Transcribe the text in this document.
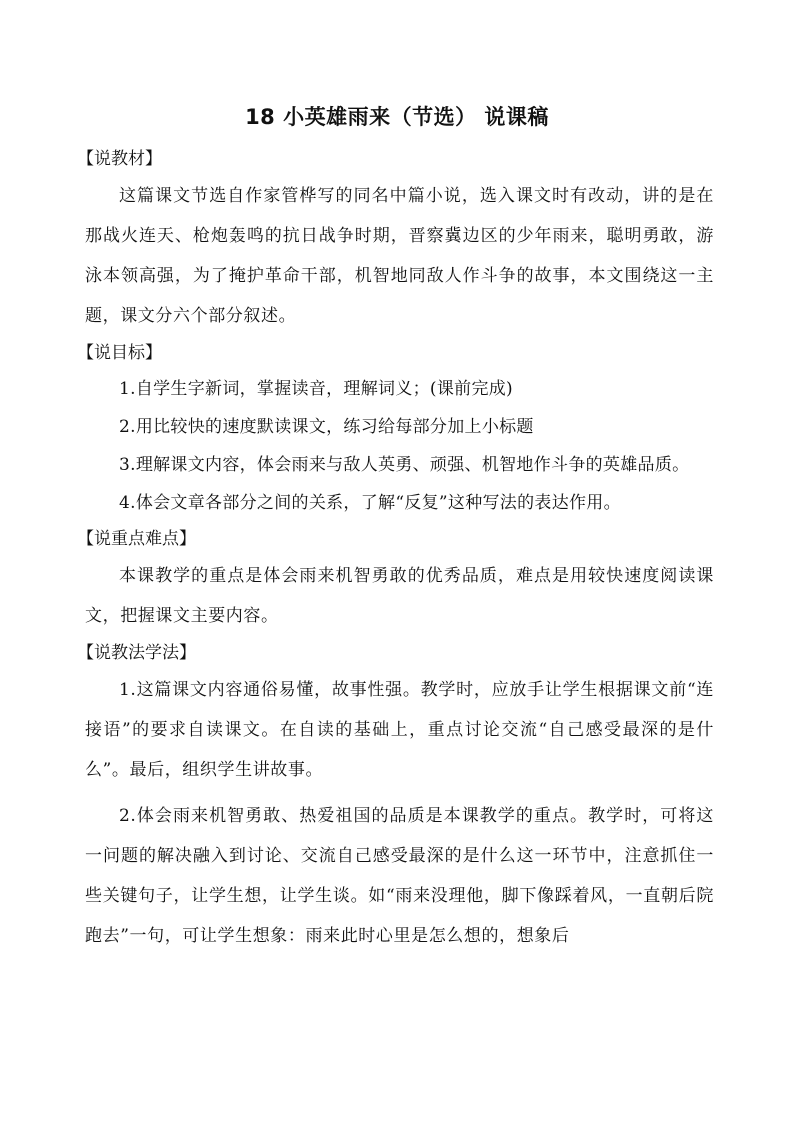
18 小英雄雨来（节选） 说课稿
【说教材】

这篇课文节选自作家管桦写的同名中篇小说，选入课文时有改动，讲的是在那战火连天、枪炮轰鸣的抗日战争时期，晋察冀边区的少年雨来，聪明勇敢，游泳本领高强，为了掩护革命干部，机智地同敌人作斗争的故事，本文围绕这一主题，课文分六个部分叙述。

【说目标】

1.自学生字新词，掌握读音，理解词义；(课前完成)

2.用比较快的速度默读课文，练习给每部分加上小标题

3.理解课文内容，体会雨来与敌人英勇、顽强、机智地作斗争的英雄品质。

4.体会文章各部分之间的关系，了解“反复”这种写法的表达作用。

【说重点难点】

本课教学的重点是体会雨来机智勇敢的优秀品质，难点是用较快速度阅读课文，把握课文主要内容。

【说教法学法】

1.这篇课文内容通俗易懂，故事性强。教学时，应放手让学生根据课文前“连接语”的要求自读课文。在自读的基础上，重点讨论交流“自己感受最深的是什么”。最后，组织学生讲故事。

2.体会雨来机智勇敢、热爱祖国的品质是本课教学的重点。教学时，可将这一问题的解决融入到讨论、交流自己感受最深的是什么这一环节中，注意抓住一些关键句子，让学生想，让学生谈。如“雨来没理他，脚下像踩着风，一直朝后院跑去”一句，可让学生想象：雨来此时心里是怎么想的，想象后
